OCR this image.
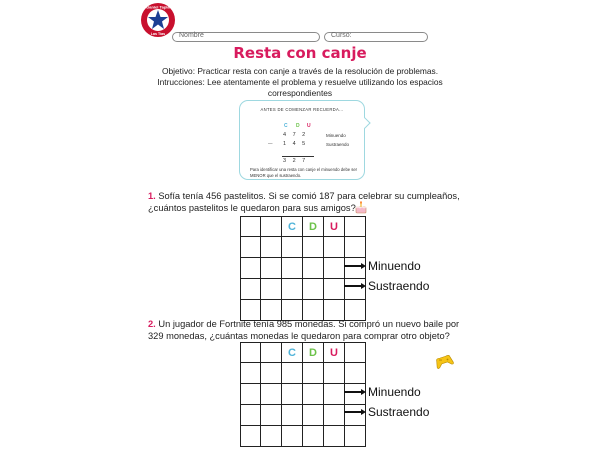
Daniel Tapia
Las Tías Nombre	Curso:
Resta con canje
Objetivo: Practicar resta con canje a través de la resolución de problemas.
Intrucciones: Lee atentamente el problema y resuelve utilizando los espacios correspondientes
ANTES DE COMENZAR RECUERDA...
C D U
4 7 2	Minuendo
— 1 4 5	Sustraendo
3 2 7
Para identificar una resta con canje el minuendo debe ser MENOR que el sustraendo.
1. Sofía tenía 456 pastelitos. Si se comió 187 para celebrar su cumpleaños, ¿cuántos pastelitos le quedaron para sus amigos?
C	D	U
Minuendo
Sustraendo
2. Un jugador de Fortnite tenía 985 monedas. Si compró un nuevo baile por 329 monedas, ¿cuántas monedas le quedaron para comprar otro objeto?
C	D	U
Minuendo
Sustraendo
